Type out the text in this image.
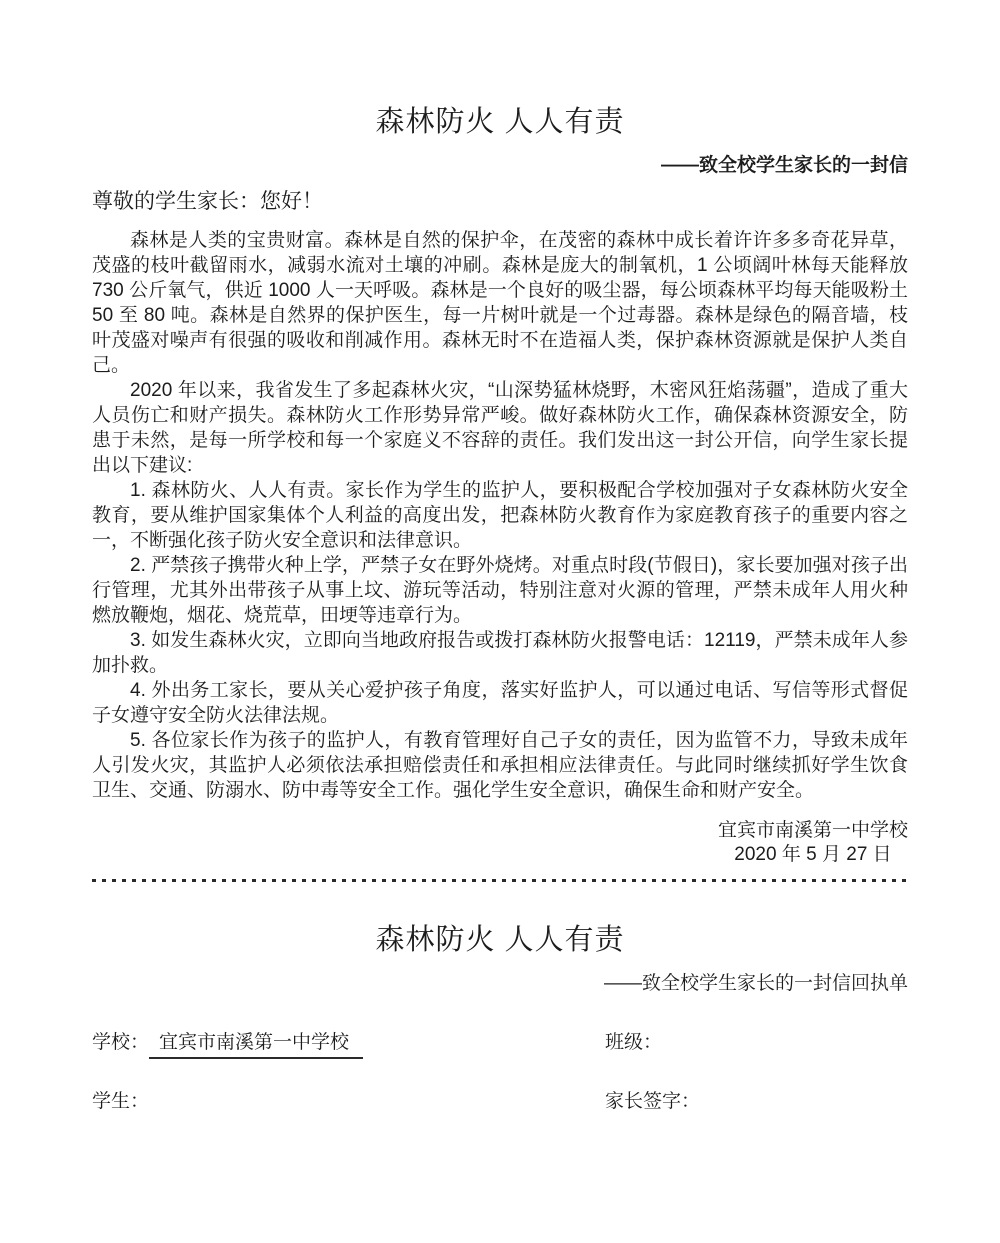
森林防火 人人有责
——致全校学生家长的一封信
尊敬的学生家长：您好！

森林是人类的宝贵财富。森林是自然的保护伞，在茂密的森林中成长着许许多多奇花异草，茂盛的枝叶截留雨水，减弱水流对土壤的冲刷。森林是庞大的制氧机，1 公顷阔叶林每天能释放 730 公斤氧气，供近 1000 人一天呼吸。森林是一个良好的吸尘器，每公顷森林平均每天能吸粉土 50 至 80 吨。森林是自然界的保护医生，每一片树叶就是一个过毒器。森林是绿色的隔音墙，枝叶茂盛对噪声有很强的吸收和削减作用。森林无时不在造福人类，保护森林资源就是保护人类自己。

2020 年以来，我省发生了多起森林火灾，“山深势猛林烧野，木密风狂焰荡疆”，造成了重大人员伤亡和财产损失。森林防火工作形势异常严峻。做好森林防火工作，确保森林资源安全，防患于未然，是每一所学校和每一个家庭义不容辞的责任。我们发出这一封公开信，向学生家长提出以下建议:

1. 森林防火、人人有责。家长作为学生的监护人，要积极配合学校加强对子女森林防火安全教育，要从维护国家集体个人利益的高度出发，把森林防火教育作为家庭教育孩子的重要内容之一，不断强化孩子防火安全意识和法律意识。

2. 严禁孩子携带火种上学，严禁子女在野外烧烤。对重点时段(节假日)，家长要加强对孩子出行管理，尤其外出带孩子从事上坟、游玩等活动，特别注意对火源的管理，严禁未成年人用火种燃放鞭炮，烟花、烧荒草，田埂等违章行为。

3. 如发生森林火灾，立即向当地政府报告或拨打森林防火报警电话：12119，严禁未成年人参加扑救。

4. 外出务工家长，要从关心爱护孩子角度，落实好监护人，可以通过电话、写信等形式督促子女遵守安全防火法律法规。

5. 各位家长作为孩子的监护人，有教育管理好自己子女的责任，因为监管不力，导致未成年人引发火灾，其监护人必须依法承担赔偿责任和承担相应法律责任。与此同时继续抓好学生饮食卫生、交通、防溺水、防中毒等安全工作。强化学生安全意识，确保生命和财产安全。

宜宾市南溪第一中学校
2020 年 5 月 27 日
森林防火 人人有责
——致全校学生家长的一封信回执单
学校： 宜宾市南溪第一中学校	班级：
学生：	家长签字：
